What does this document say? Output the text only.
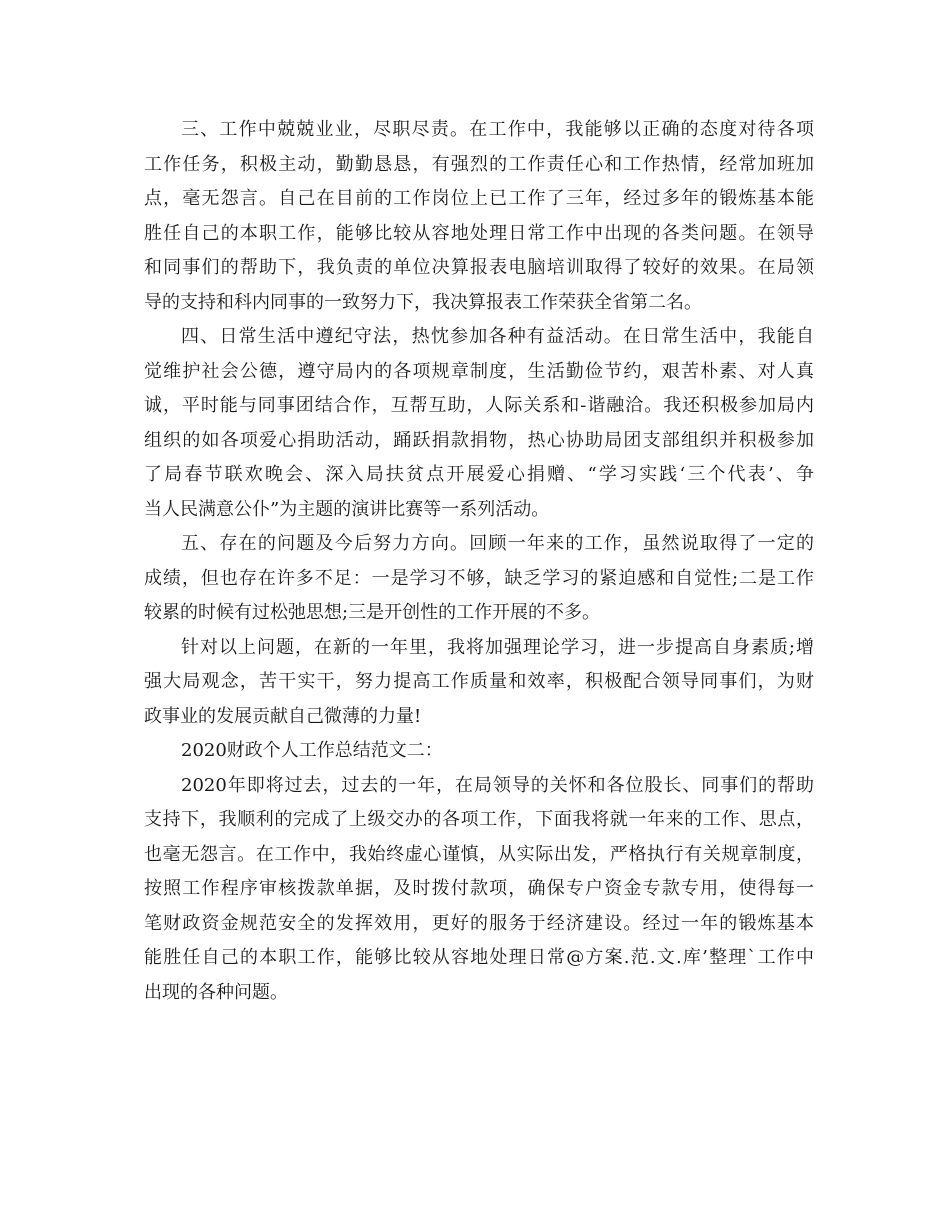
三、工作中兢兢业业，尽职尽责。在工作中，我能够以正确的态度对待各项
工作任务，积极主动，勤勤恳恳，有强烈的工作责任心和工作热情，经常加班加
点，毫无怨言。自己在目前的工作岗位上已工作了三年，经过多年的锻炼基本能
胜任自己的本职工作，能够比较从容地处理日常工作中出现的各类问题。在领导
和同事们的帮助下，我负责的单位决算报表电脑培训取得了较好的效果。在局领
导的支持和科内同事的一致努力下，我决算报表工作荣获全省第二名。
四、日常生活中遵纪守法，热忱参加各种有益活动。在日常生活中，我能自
觉维护社会公德，遵守局内的各项规章制度，生活勤俭节约，艰苦朴素、对人真
诚，平时能与同事团结合作，互帮互助，人际关系和-谐融洽。我还积极参加局内
组织的如各项爱心捐助活动，踊跃捐款捐物，热心协助局团支部组织并积极参加
了局春节联欢晚会、深入局扶贫点开展爱心捐赠、“学习实践‘三个代表’、争
当人民满意公仆”为主题的演讲比赛等一系列活动。
五、存在的问题及今后努力方向。回顾一年来的工作，虽然说取得了一定的
成绩，但也存在许多不足：一是学习不够，缺乏学习的紧迫感和自觉性;二是工作
较累的时候有过松弛思想;三是开创性的工作开展的不多。
针对以上问题，在新的一年里，我将加强理论学习，进一步提高自身素质;增
强大局观念，苦干实干，努力提高工作质量和效率，积极配合领导同事们，为财
政事业的发展贡献自己微薄的力量!
2020财政个人工作总结范文二：
2020年即将过去，过去的一年，在局领导的关怀和各位股长、同事们的帮助
支持下，我顺利的完成了上级交办的各项工作，下面我将就一年来的工作、思点，
也毫无怨言。在工作中，我始终虚心谨慎，从实际出发，严格执行有关规章制度，
按照工作程序审核拨款单据，及时拨付款项，确保专户资金专款专用，使得每一
笔财政资金规范安全的发挥效用，更好的服务于经济建设。经过一年的锻炼基本
能胜任自己的本职工作，能够比较从容地处理日常@方案.范.文.库’整理`工作中
出现的各种问题。
